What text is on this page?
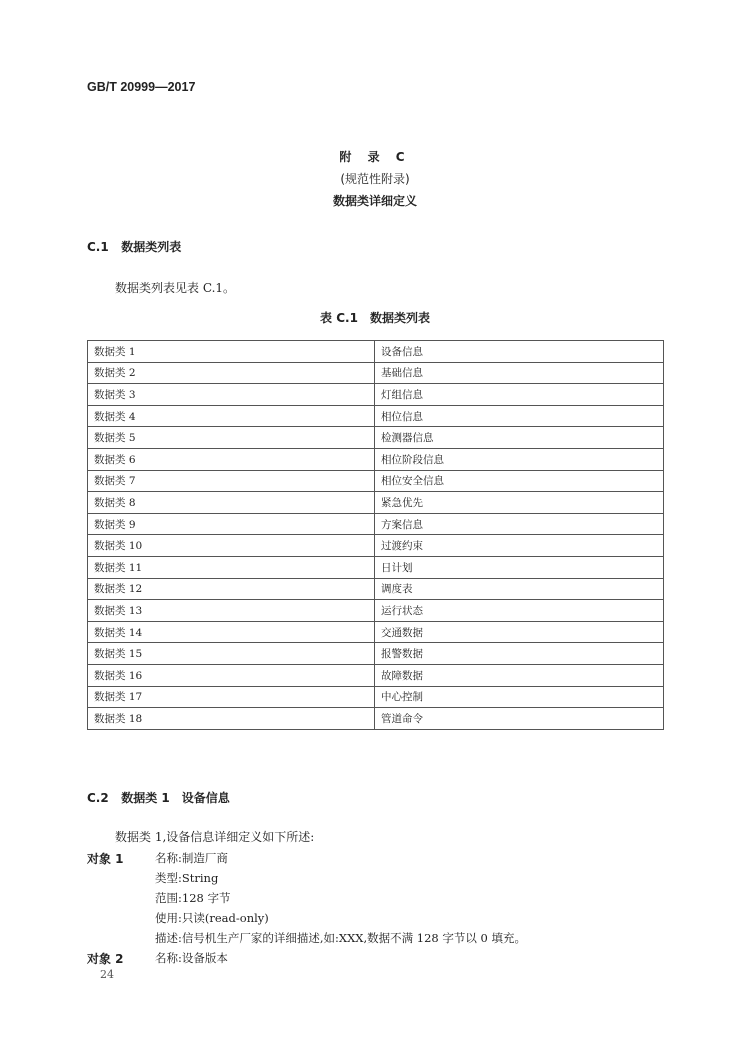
GB/T 20999—2017
附 录 C
(规范性附录)
数据类详细定义
C.1 数据类列表
数据类列表见表 C.1。
表 C.1　数据类列表
数据类 1	设备信息
数据类 2	基础信息
数据类 3	灯组信息
数据类 4	相位信息
数据类 5	检测器信息
数据类 6	相位阶段信息
数据类 7	相位安全信息
数据类 8	紧急优先
数据类 9	方案信息
数据类 10	过渡约束
数据类 11	日计划
数据类 12	调度表
数据类 13	运行状态
数据类 14	交通数据
数据类 15	报警数据
数据类 16	故障数据
数据类 17	中心控制
数据类 18	管道命令
C.2 数据类 1　设备信息
数据类 1,设备信息详细定义如下所述:
对象 1	名称:制造厂商
类型:String
范围:128 字节
使用:只读(read-only)
描述:信号机生产厂家的详细描述,如:XXX,数据不满 128 字节以 0 填充。
对象 2	名称:设备版本
24
